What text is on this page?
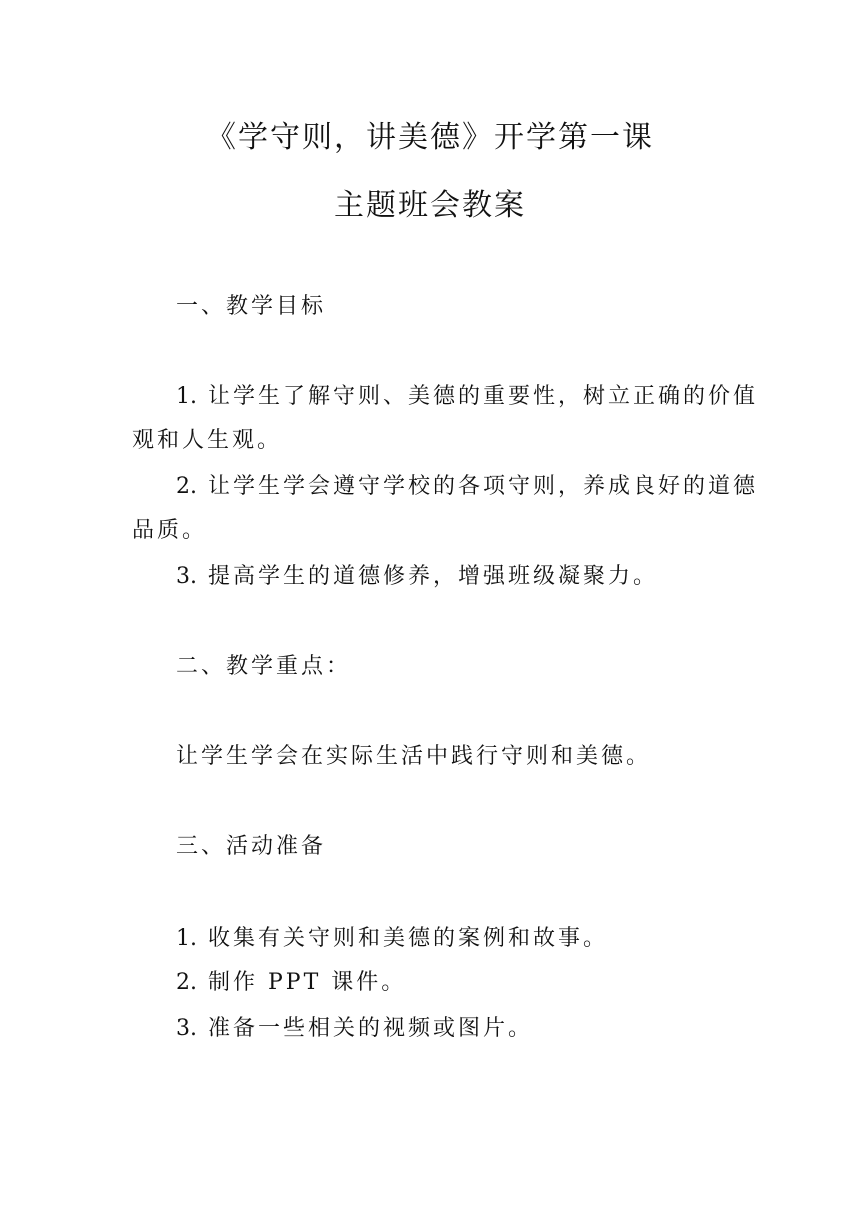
《学守则，讲美德》开学第一课
主题班会教案

一、教学目标

1. 让学生了解守则、美德的重要性，树立正确的价值

观和人生观。

2. 让学生学会遵守学校的各项守则，养成良好的道德

品质。

3. 提高学生的道德修养，增强班级凝聚力。

二、教学重点：

让学生学会在实际生活中践行守则和美德。

三、活动准备

1. 收集有关守则和美德的案例和故事。

2. 制作 PPT 课件。

3. 准备一些相关的视频或图片。
